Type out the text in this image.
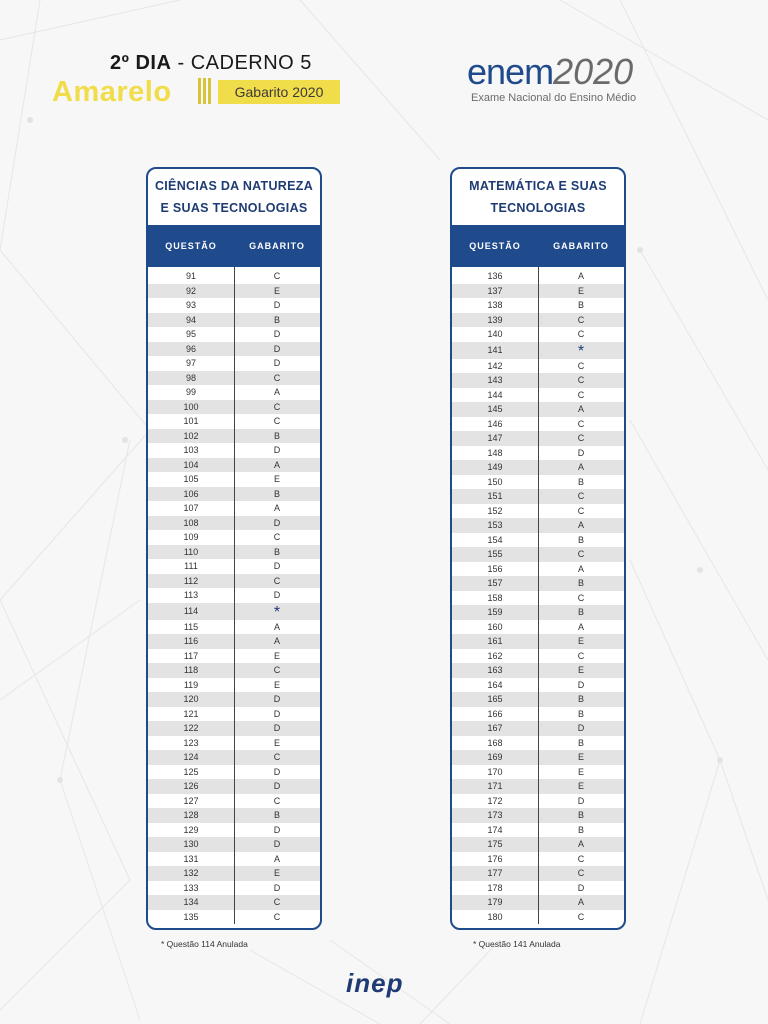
2º DIA - CADERNO 5
Amarelo	Gabarito 2020	enem2020
Exame Nacional do Ensino Médio
CIÊNCIAS DA NATUREZA
E SUAS TECNOLOGIAS
QUESTÃO	GABARITO
91	C
92	E
93	D
94	B
95	D
96	D
97	D
98	C
99	A
100	C
101	C
102	B
103	D
104	A
105	E
106	B
107	A
108	D
109	C
110	B
111	D
112	C
113	D
114	*
115	A
116	A
117	E
118	C
119	E
120	D
121	D
122	D
123	E
124	C
125	D
126	D
127	C
128	B
129	D
130	D
131	A
132	E
133	D
134	C
135	C
* Questão 114 Anulada
MATEMÁTICA E SUAS
TECNOLOGIAS
QUESTÃO	GABARITO
136	A
137	E
138	B
139	C
140	C
141	*
142	C
143	C
144	C
145	A
146	C
147	C
148	D
149	A
150	B
151	C
152	C
153	A
154	B
155	C
156	A
157	B
158	C
159	B
160	A
161	E
162	C
163	E
164	D
165	B
166	B
167	D
168	B
169	E
170	E
171	E
172	D
173	B
174	B
175	A
176	C
177	C
178	D
179	A
180	C
* Questão 141 Anulada
inep
